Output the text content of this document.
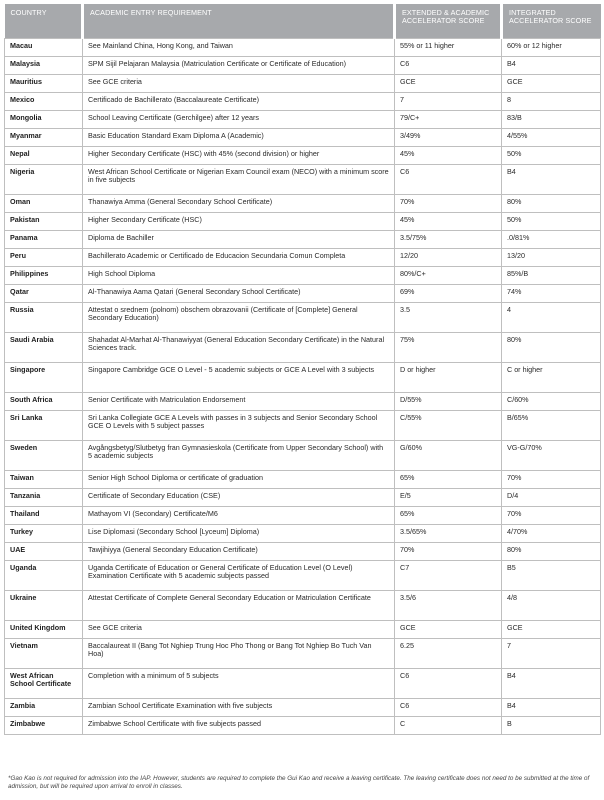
COUNTRY	ACADEMIC ENTRY REQUIREMENT	EXTENDED & ACADEMIC ACCELERATOR SCORE	INTEGRATED ACCELERATOR SCORE
Macau	See Mainland China, Hong Kong, and Taiwan	55% or 11 higher	60% or 12 higher
Malaysia	SPM Sijil Pelajaran Malaysia (Matriculation Certificate or Certificate of Education)	C6	B4
Mauritius	See GCE criteria	GCE	GCE
Mexico	Certificado de Bachillerato (Baccalaureate Certificate)	7	8
Mongolia	School Leaving Certificate (Gerchilgee) after 12 years	79/C+	83/B
Myanmar	Basic Education Standard Exam Diploma A (Academic)	3/49%	4/55%
Nepal	Higher Secondary Certificate (HSC) with 45% (second division) or higher	45%	50%
Nigeria	West African School Certificate or Nigerian Exam Council exam (NECO) with a minimum score in five subjects	C6	B4
Oman	Thanawiya Amma (General Secondary School Certificate)	70%	80%
Pakistan	Higher Secondary Certificate (HSC)	45%	50%
Panama	Diploma de Bachiller	3.5/75%	.0/81%
Peru	Bachillerato Academic or Certificado de Educacion Secundaria Comun Completa	12/20	13/20
Philippines	High School Diploma	80%/C+	85%/B
Qatar	Al-Thanawiya Aama Qatari (General Secondary School Certificate)	69%	74%
Russia	Attestat o srednem (polnom) obschem obrazovanii (Certificate of [Complete] General Secondary Education)	3.5	4
Saudi Arabia	Shahadat Al-Marhat Al-Thanawiyyat (General Education Secondary Certificate) in the Natural Sciences track.	75%	80%
Singapore	Singapore Cambridge GCE O Level - 5 academic subjects or GCE A Level with 3 subjects	D or higher	C or higher
South Africa	Senior Certificate with Matriculation Endorsement	D/55%	C/60%
Sri Lanka	Sri Lanka Collegiate GCE A Levels with passes in 3 subjects and Senior Secondary School GCE O Levels with 5 subject passes	C/55%	B/65%
Sweden	Avgångsbetyg/Slutbetyg fran Gymnasieskola (Certificate from Upper Secondary School) with 5 academic subjects	G/60%	VG-G/70%
Taiwan	Senior High School Diploma or certificate of graduation	65%	70%
Tanzania	Certificate of Secondary Education (CSE)	E/5	D/4
Thailand	Mathayom VI (Secondary) Certificate/M6	65%	70%
Turkey	Lise Diplomasi (Secondary School [Lyceum] Diploma)	3.5/65%	4/70%
UAE	Tawjihiyya (General Secondary Education Certificate)	70%	80%
Uganda	Uganda Certificate of Education or General Certificate of Education Level (O Level) Examination Certificate with 5 academic subjects passed	C7	B5
Ukraine	Attestat Certificate of Complete General Secondary Education or Matriculation Certificate	3.5/6	4/8
United Kingdom	See GCE criteria	GCE	GCE
Vietnam	Baccalaureat II (Bang Tot Nghiep Trung Hoc Pho Thong or Bang Tot Nghiep Bo Tuch Van Hoa)	6.25	7
West African School Certificate	Completion with a minimum of 5 subjects	C6	B4
Zambia	Zambian School Certificate Examination with five subjects	C6	B4
Zimbabwe	Zimbabwe School Certificate with five subjects passed	C	B
*Gao Kao is not required for admission into the IAP. However, students are required to complete the Gui Kao and receive a leaving certificate. The leaving certificate does not need to be submitted at the time of admission, but will be required upon arrival to enroll in classes.
